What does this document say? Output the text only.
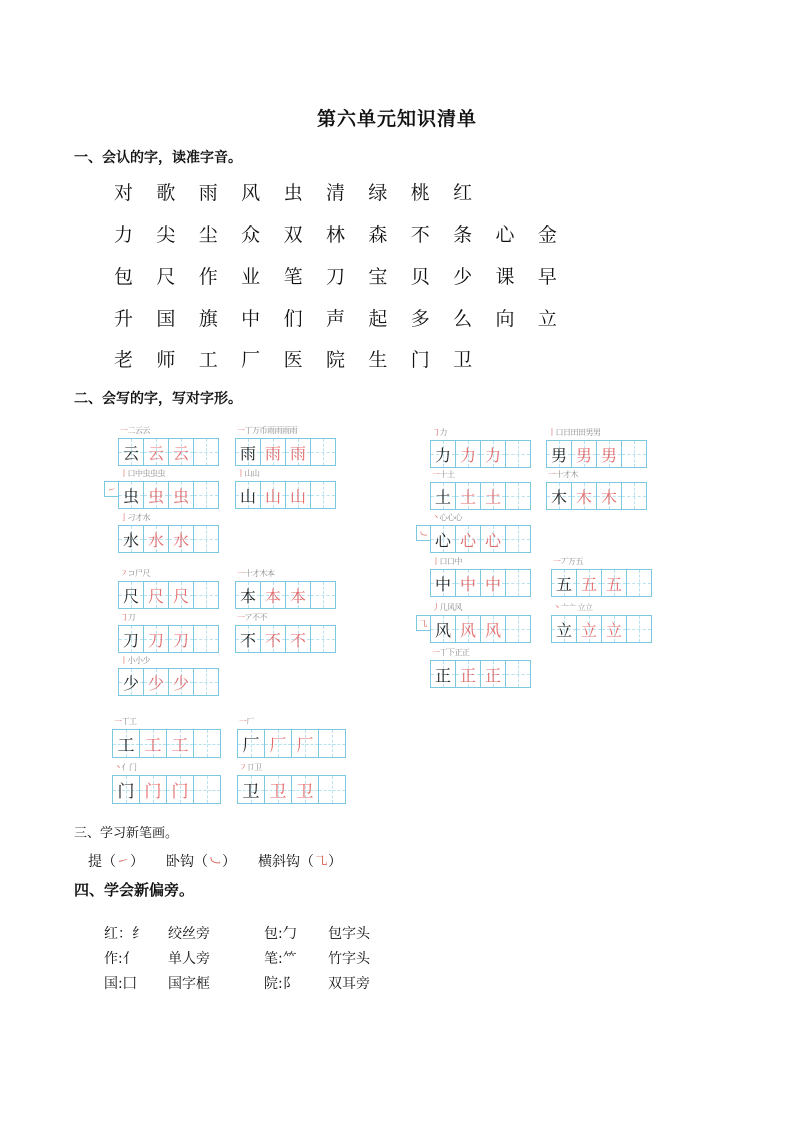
第六单元知识清单
一、会认的字，读准字音。
对	歌	雨	风	虫	清	绿	桃	红
力	尖	尘	众	双	林	森	不	条	心	金
包	尺	作	业	笔	刀	宝	贝	少	课	早
升	国	旗	中	们	声	起	多	么	向	立
老	师	工	厂	医	院	生	门	卫
二、会写的字，写对字形。
一二云云
云 云 云
一丁万币雨雨雨雨
雨 雨 雨
丨口中虫虫虫
㇀ 虫 虫 虫
丨山山
山 山 山
亅刁才水
水 水 水
㇆力
力 力 力
丨口日田田男男
男 男 男
一十土
土 土 土
一十才木
木 木 木
丶心心心
㇃ 心 心 心
㇇コ尸尺
尺 尺 尺
一十才木本
本 本 本
㇆刀
刀 刀 刀
一ア不不
不 不 不
丨小小少
少 少 少
丨口口中
中 中 中
一丆万五
五 五 五
丿几风风
㇈ 风 风 风
丶亠亠 立立
立 立 立
一丅下正正
正 正 正
一丅工
工 工 工
一厂
厂 厂 厂
丶亻门
门 门 门
㇇卩卫
卫 卫 卫
三、学习新笔画。
提（㇀） 卧钩（㇃） 横斜钩（㇈）
四、学会新偏旁。
红：纟	绞丝旁	包:勹	包字头
作:亻	单人旁	笔:⺮	竹字头
国:囗	国字框	院:阝	双耳旁
